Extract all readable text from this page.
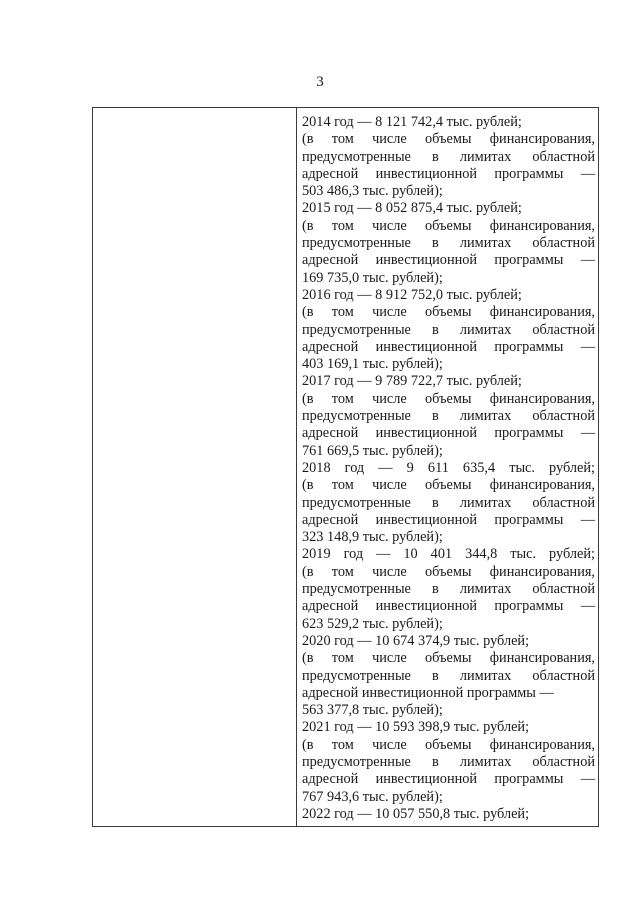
3
2014 год — 8 121 742,4 тыс. рублей;
(в том числе объемы финансирования,
предусмотренные в лимитах областной
адресной инвестиционной программы —
503 486,3 тыс. рублей);
2015 год — 8 052 875,4 тыс. рублей;
(в том числе объемы финансирования,
предусмотренные в лимитах областной
адресной инвестиционной программы —
169 735,0 тыс. рублей);
2016 год — 8 912 752,0 тыс. рублей;
(в том числе объемы финансирования,
предусмотренные в лимитах областной
адресной инвестиционной программы —
403 169,1 тыс. рублей);
2017 год — 9 789 722,7 тыс. рублей;
(в том числе объемы финансирования,
предусмотренные в лимитах областной
адресной инвестиционной программы —
761 669,5 тыс. рублей);
2018 год — 9 611 635,4 тыс. рублей;
(в том числе объемы финансирования,
предусмотренные в лимитах областной
адресной инвестиционной программы —
323 148,9 тыс. рублей);
2019 год — 10 401 344,8 тыс. рублей;
(в том числе объемы финансирования,
предусмотренные в лимитах областной
адресной инвестиционной программы —
623 529,2 тыс. рублей);
2020 год — 10 674 374,9 тыс. рублей;
(в том числе объемы финансирования,
предусмотренные в лимитах областной
адресной инвестиционной программы —
563 377,8 тыс. рублей);
2021 год — 10 593 398,9 тыс. рублей;
(в том числе объемы финансирования,
предусмотренные в лимитах областной
адресной инвестиционной программы —
767 943,6 тыс. рублей);
2022 год — 10 057 550,8 тыс. рублей;
